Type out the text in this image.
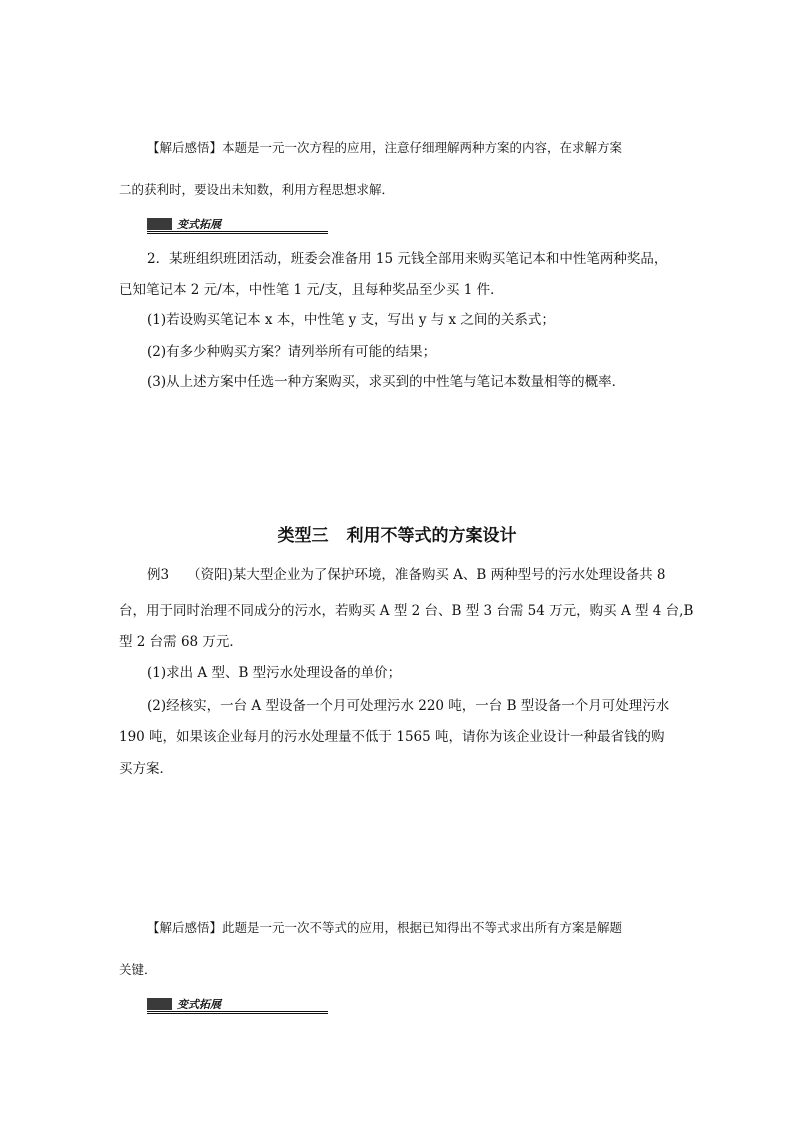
【解后感悟】本题是一元一次方程的应用，注意仔细理解两种方案的内容，在求解方案
二的获利时，要设出未知数，利用方程思想求解．
变式拓展
2．某班组织班团活动，班委会准备用 15 元钱全部用来购买笔记本和中性笔两种奖品，
已知笔记本 2 元/本，中性笔 1 元/支，且每种奖品至少买 1 件．
(1)若设购买笔记本 x 本，中性笔 y 支，写出 y 与 x 之间的关系式；
(2)有多少种购买方案？请列举所有可能的结果；
(3)从上述方案中任选一种方案购买，求买到的中性笔与笔记本数量相等的概率．
类型三 利用不等式的方案设计
例3 （资阳)某大型企业为了保护环境，准备购买 A、B 两种型号的污水处理设备共 8
台，用于同时治理不同成分的污水，若购买 A 型 2 台、B 型 3 台需 54 万元，购买 A 型 4 台,B
型 2 台需 68 万元．
(1)求出 A 型、B 型污水处理设备的单价；
(2)经核实，一台 A 型设备一个月可处理污水 220 吨，一台 B 型设备一个月可处理污水
190 吨，如果该企业每月的污水处理量不低于 1565 吨，请你为该企业设计一种最省钱的购
买方案．
【解后感悟】此题是一元一次不等式的应用，根据已知得出不等式求出所有方案是解题
关键．
变式拓展
